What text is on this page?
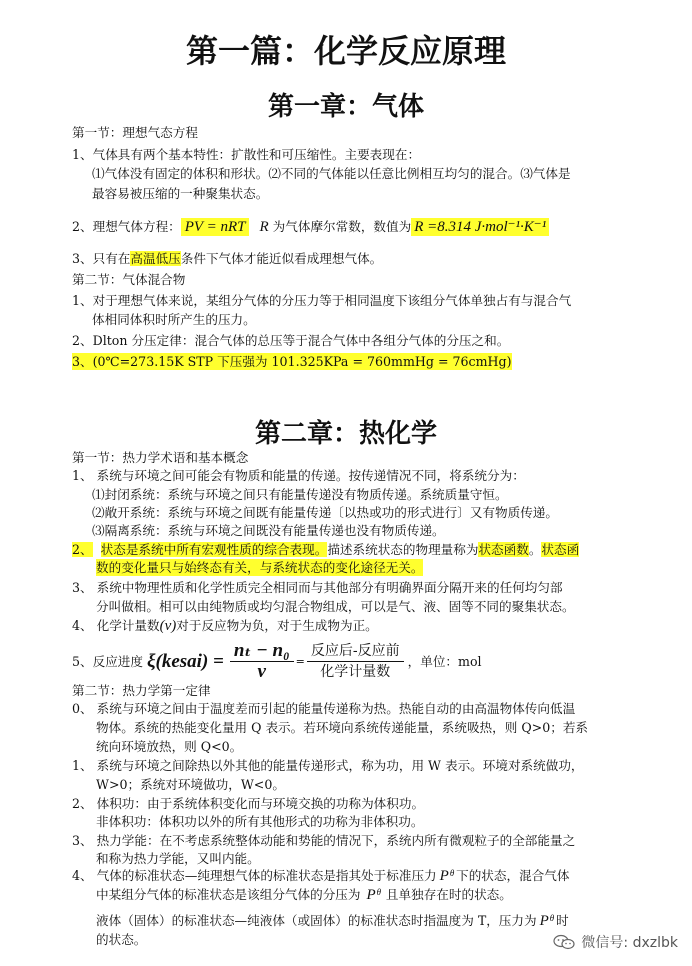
第一篇：化学反应原理
第一章：气体
第一节：理想气态方程
1、气体具有两个基本特性：扩散性和可压缩性。主要表现在：
⑴气体没有固定的体积和形状。⑵不同的气体能以任意比例相互均匀的混合。⑶气体是
最容易被压缩的一种聚集状态。
2、理想气体方程： PV = nRT R 为气体摩尔常数，数值为 R =8.314 J·mol⁻¹·K⁻¹
3、只有在高温低压条件下气体才能近似看成理想气体。
第二节：气体混合物
1、对于理想气体来说，某组分气体的分压力等于相同温度下该组分气体单独占有与混合气
体相同体积时所产生的压力。
2、Dlton 分压定律：混合气体的总压等于混合气体中各组分气体的分压之和。
3、(0℃=273.15K STP 下压强为 101.325KPa = 760mmHg = 76cmHg)
第二章：热化学
第一节：热力学术语和基本概念
1、 系统与环境之间可能会有物质和能量的传递。按传递情况不同，将系统分为：
⑴封闭系统：系统与环境之间只有能量传递没有物质传递。系统质量守恒。
⑵敞开系统：系统与环境之间既有能量传递〔以热或功的形式进行〕又有物质传递。
⑶隔离系统：系统与环境之间既没有能量传递也没有物质传递。
2、 状态是系统中所有宏观性质的综合表现。描述系统状态的物理量称为状态函数。状态函
数的变化量只与始终态有关，与系统状态的变化途径无关。
3、 系统中物理性质和化学性质完全相同而与其他部分有明确界面分隔开来的任何均匀部
分叫做相。相可以由纯物质或均匀混合物组成，可以是气、液、固等不同的聚集状态。
4、 化学计量数(ν)对于反应物为负，对于生成物为正。
5、反应进度 ξ(kesai) = $\frac{\text{nₜ − n₀}}{\nu} = \frac{\text{反应后-反应前}}{\text{化学计量数}}$ ，单位：mol
第二节：热力学第一定律
0、 系统与环境之间由于温度差而引起的能量传递称为热。热能自动的由高温物体传向低温
物体。系统的热能变化量用 Q 表示。若环境向系统传递能量，系统吸热，则 Q>0；若系
统向环境放热，则 Q<0。
1、 系统与环境之间除热以外其他的能量传递形式，称为功，用 W 表示。环境对系统做功，
W>0；系统对环境做功，W<0。
2、 体积功：由于系统体积变化而与环境交换的功称为体积功。
非体积功：体积功以外的所有其他形式的功称为非体积功。
3、 热力学能：在不考虑系统整体动能和势能的情况下，系统内所有微观粒子的全部能量之
和称为热力学能，又叫内能。
4、 气体的标准状态—纯理想气体的标准状态是指其处于标准压力 Pᶿ 下的状态，混合气体
中某组分气体的标准状态是该组分气体的分压为 Pᶿ 且单独存在时的状态。
液体（固体）的标准状态—纯液体（或固体）的标准状态时指温度为 T，压力为 Pᶿ 时
的状态。	微信号: dxzlbk
